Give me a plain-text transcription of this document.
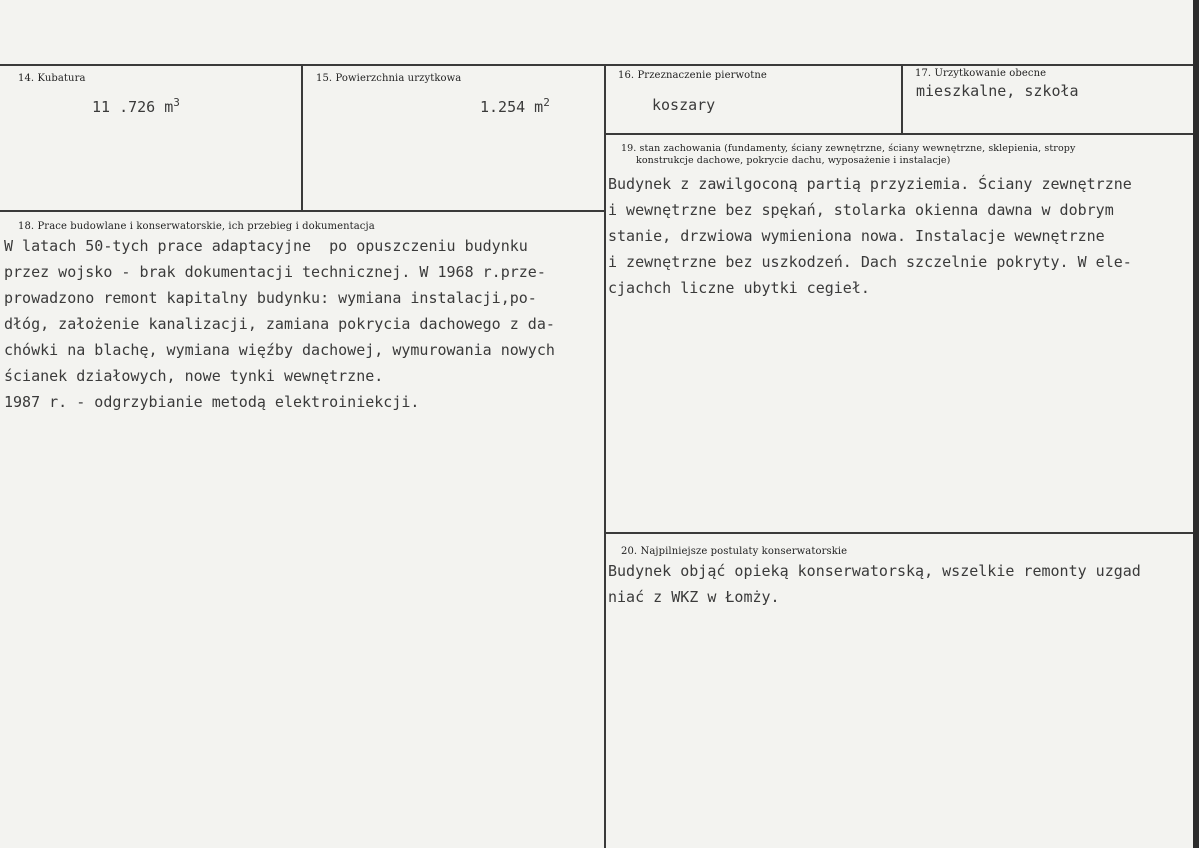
14. Kubatura
11 .726 $m^3$
15. Powierzchnia urzytkowa
1.254 $m^2$
16. Przeznaczenie pierwotne
koszary
17. Urzytkowanie obecne
mieszkalne, szkoła
18. Prace budowlane i konserwatorskie, ich przebieg i dokumentacja
W latach 50-tych prace adaptacyjne  po opuszczeniu budynku
przez wojsko - brak dokumentacji technicznej. W 1968 r.prze-
prowadzono remont kapitalny budynku: wymiana instalacji,po-
dłóg, założenie kanalizacji, zamiana pokrycia dachowego z da-
chówki na blachę, wymiana więźby dachowej, wymurowania nowych
ścianek działowych, nowe tynki wewnętrzne.
1987 r. - odgrzybianie metodą elektroiniekcji.
19. stan zachowania (fundamenty, ściany zewnętrzne, ściany wewnętrzne, sklepienia, stropy
konstrukcje dachowe, pokrycie dachu, wyposażenie i instalacje)
Budynek z zawilgoconą partią przyziemia. Ściany zewnętrzne
i wewnętrzne bez spękań, stolarka okienna dawna w dobrym
stanie, drzwiowa wymieniona nowa. Instalacje wewnętrzne
i zewnętrzne bez uszkodzeń. Dach szczelnie pokryty. W ele-
cjachch liczne ubytki cegieł.
20. Najpilniejsze postulaty konserwatorskie
Budynek objąć opieką konserwatorską, wszelkie remonty uzgad
niać z WKZ w Łomży.
